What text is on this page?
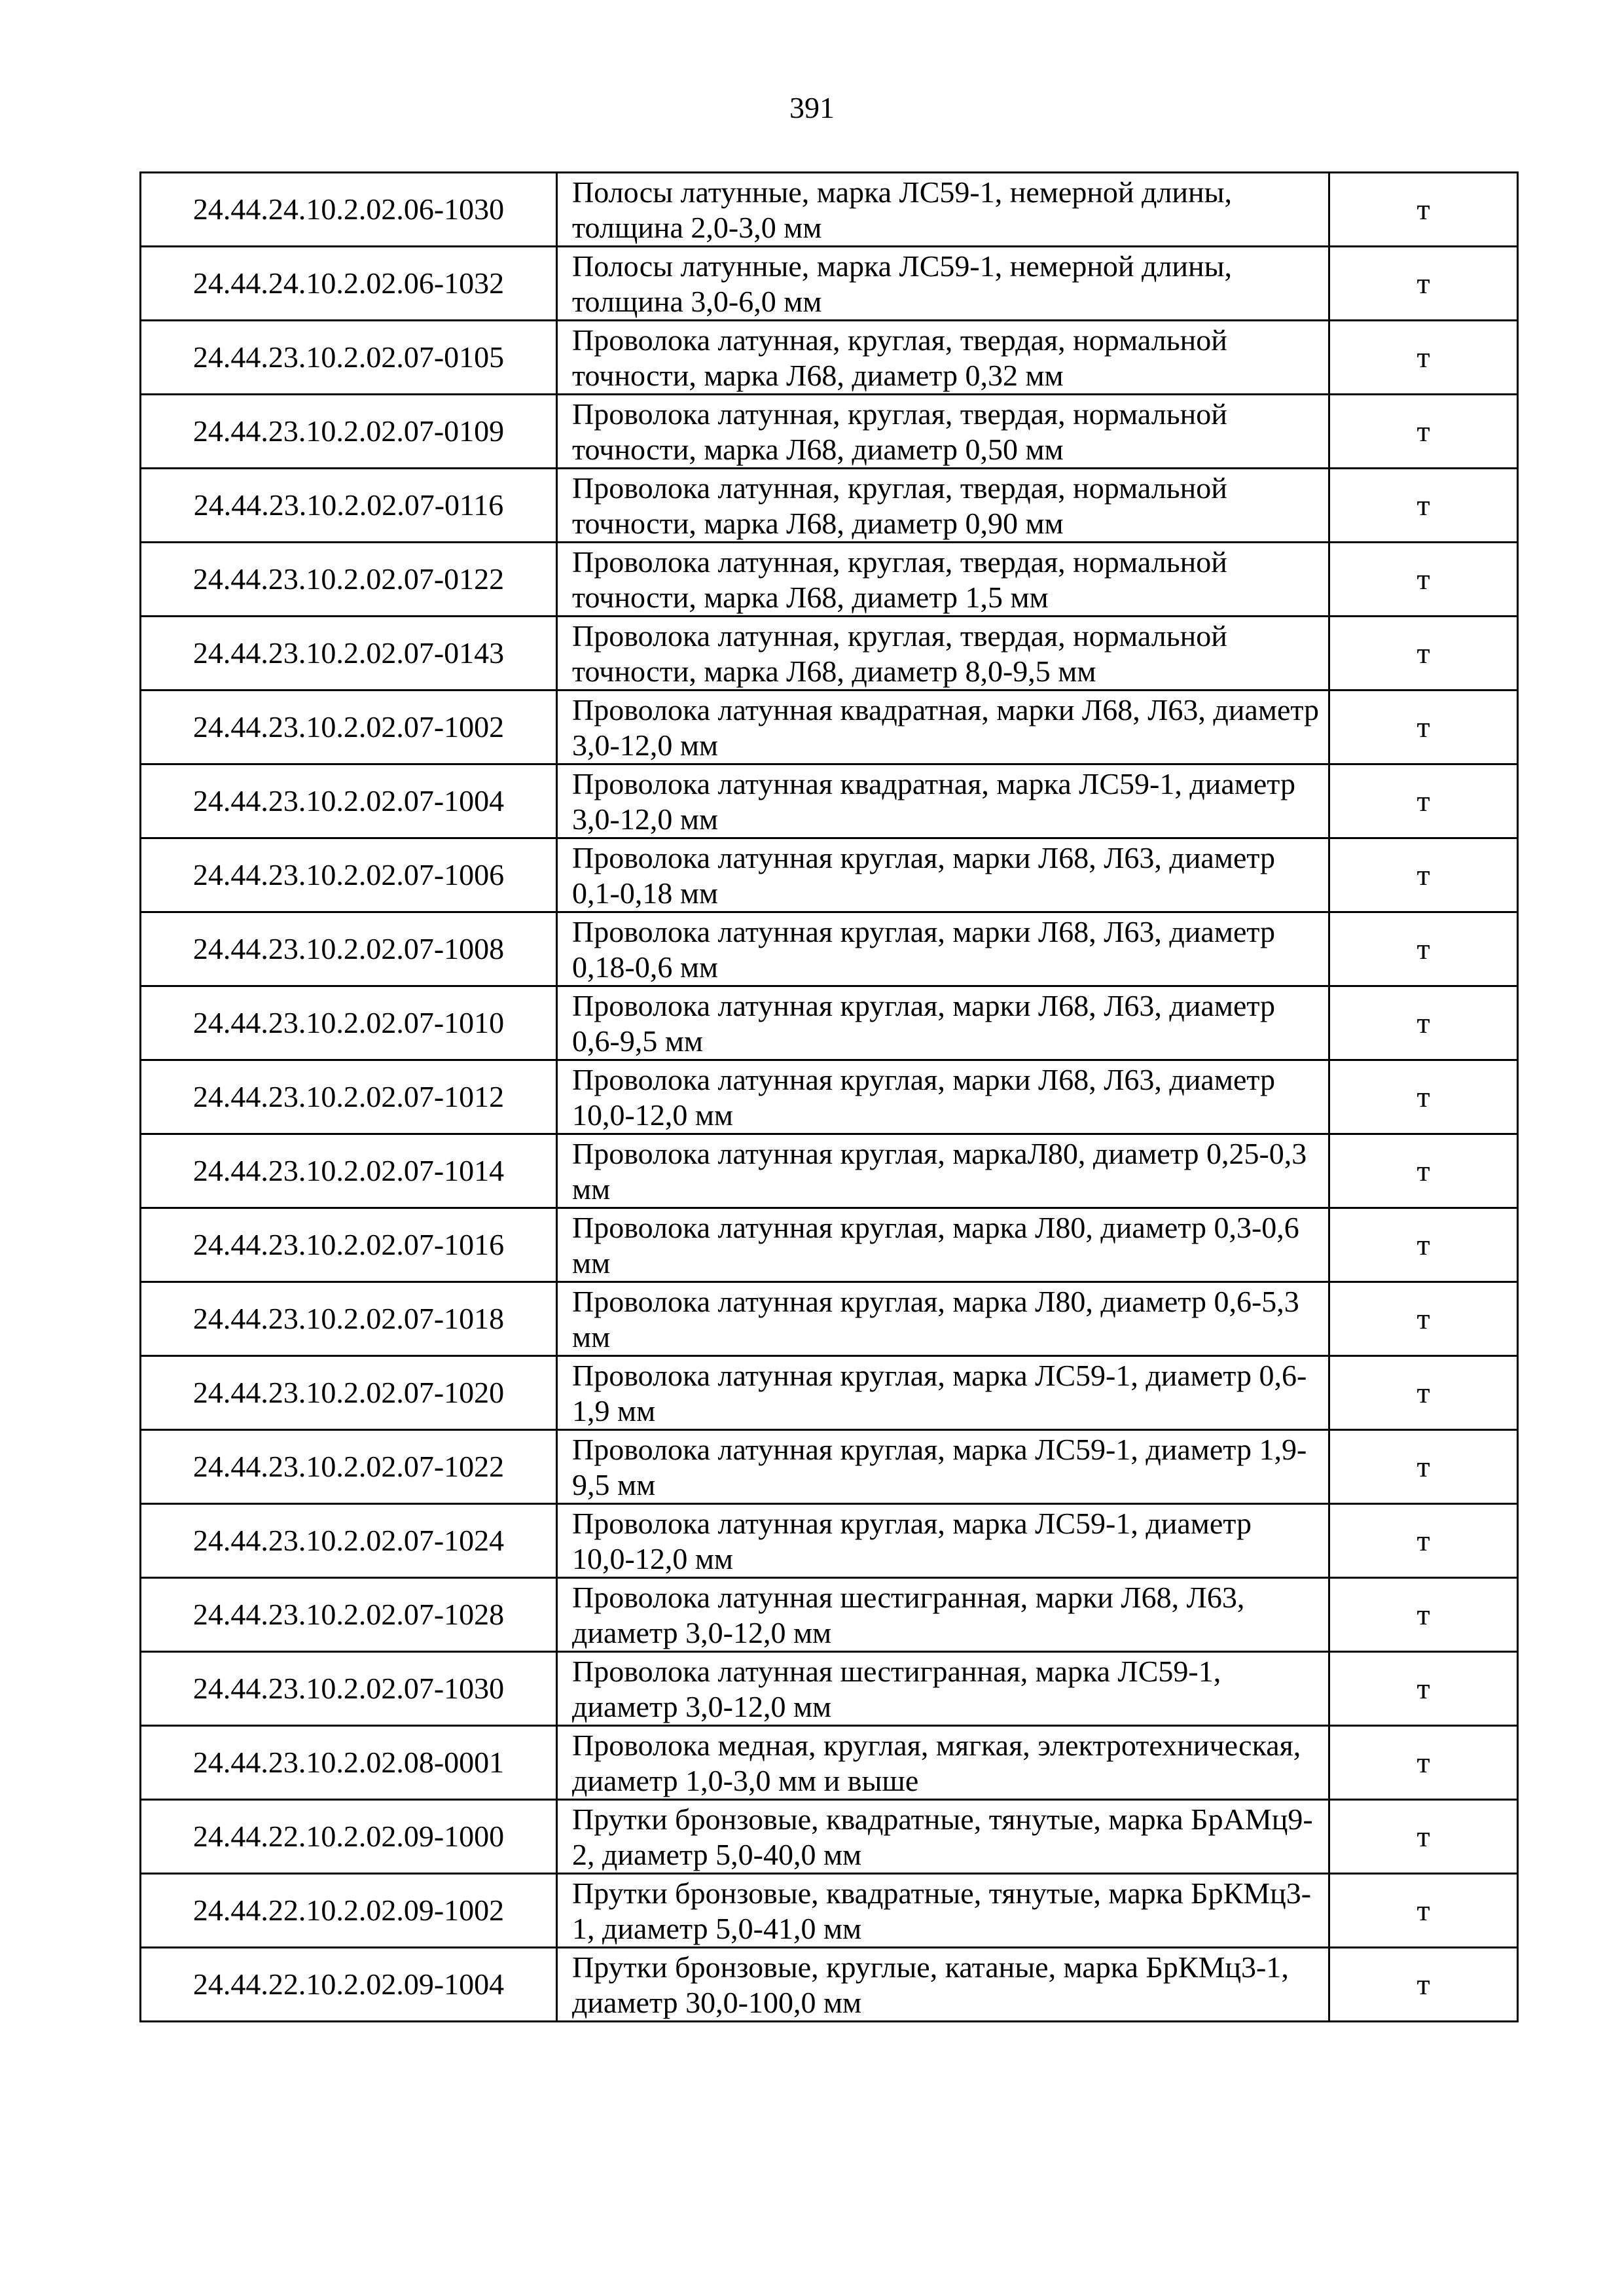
391
24.44.24.10.2.02.06-1030	Полосы латунные, марка ЛС59-1, немерной длины, толщина 2,0-3,0 мм	т
24.44.24.10.2.02.06-1032	Полосы латунные, марка ЛС59-1, немерной длины, толщина 3,0-6,0 мм	т
24.44.23.10.2.02.07-0105	Проволока латунная, круглая, твердая, нормальной точности, марка Л68, диаметр 0,32 мм	т
24.44.23.10.2.02.07-0109	Проволока латунная, круглая, твердая, нормальной точности, марка Л68, диаметр 0,50 мм	т
24.44.23.10.2.02.07-0116	Проволока латунная, круглая, твердая, нормальной точности, марка Л68, диаметр 0,90 мм	т
24.44.23.10.2.02.07-0122	Проволока латунная, круглая, твердая, нормальной точности, марка Л68, диаметр 1,5 мм	т
24.44.23.10.2.02.07-0143	Проволока латунная, круглая, твердая, нормальной точности, марка Л68, диаметр 8,0-9,5 мм	т
24.44.23.10.2.02.07-1002	Проволока латунная квадратная, марки Л68, Л63, диаметр 3,0-12,0 мм	т
24.44.23.10.2.02.07-1004	Проволока латунная квадратная, марка ЛС59-1, диаметр 3,0-12,0 мм	т
24.44.23.10.2.02.07-1006	Проволока латунная круглая, марки Л68, Л63, диаметр 0,1-0,18 мм	т
24.44.23.10.2.02.07-1008	Проволока латунная круглая, марки Л68, Л63, диаметр 0,18-0,6 мм	т
24.44.23.10.2.02.07-1010	Проволока латунная круглая, марки Л68, Л63, диаметр 0,6-9,5 мм	т
24.44.23.10.2.02.07-1012	Проволока латунная круглая, марки Л68, Л63, диаметр 10,0-12,0 мм	т
24.44.23.10.2.02.07-1014	Проволока латунная круглая, маркаЛ80, диаметр 0,25-0,3 мм	т
24.44.23.10.2.02.07-1016	Проволока латунная круглая, марка Л80, диаметр 0,3-0,6 мм	т
24.44.23.10.2.02.07-1018	Проволока латунная круглая, марка Л80, диаметр 0,6-5,3 мм	т
24.44.23.10.2.02.07-1020	Проволока латунная круглая, марка ЛС59-1, диаметр 0,6-1,9 мм	т
24.44.23.10.2.02.07-1022	Проволока латунная круглая, марка ЛС59-1, диаметр 1,9-9,5 мм	т
24.44.23.10.2.02.07-1024	Проволока латунная круглая, марка ЛС59-1, диаметр 10,0-12,0 мм	т
24.44.23.10.2.02.07-1028	Проволока латунная шестигранная, марки Л68, Л63, диаметр 3,0-12,0 мм	т
24.44.23.10.2.02.07-1030	Проволока латунная шестигранная, марка ЛС59-1, диаметр 3,0-12,0 мм	т
24.44.23.10.2.02.08-0001	Проволока медная, круглая, мягкая, электротехническая, диаметр 1,0-3,0 мм и выше	т
24.44.22.10.2.02.09-1000	Прутки бронзовые, квадратные, тянутые, марка БрАМц9-2, диаметр 5,0-40,0 мм	т
24.44.22.10.2.02.09-1002	Прутки бронзовые, квадратные, тянутые, марка БрКМц3-1, диаметр 5,0-41,0 мм	т
24.44.22.10.2.02.09-1004	Прутки бронзовые, круглые, катаные, марка БрКМц3-1, диаметр 30,0-100,0 мм	т
